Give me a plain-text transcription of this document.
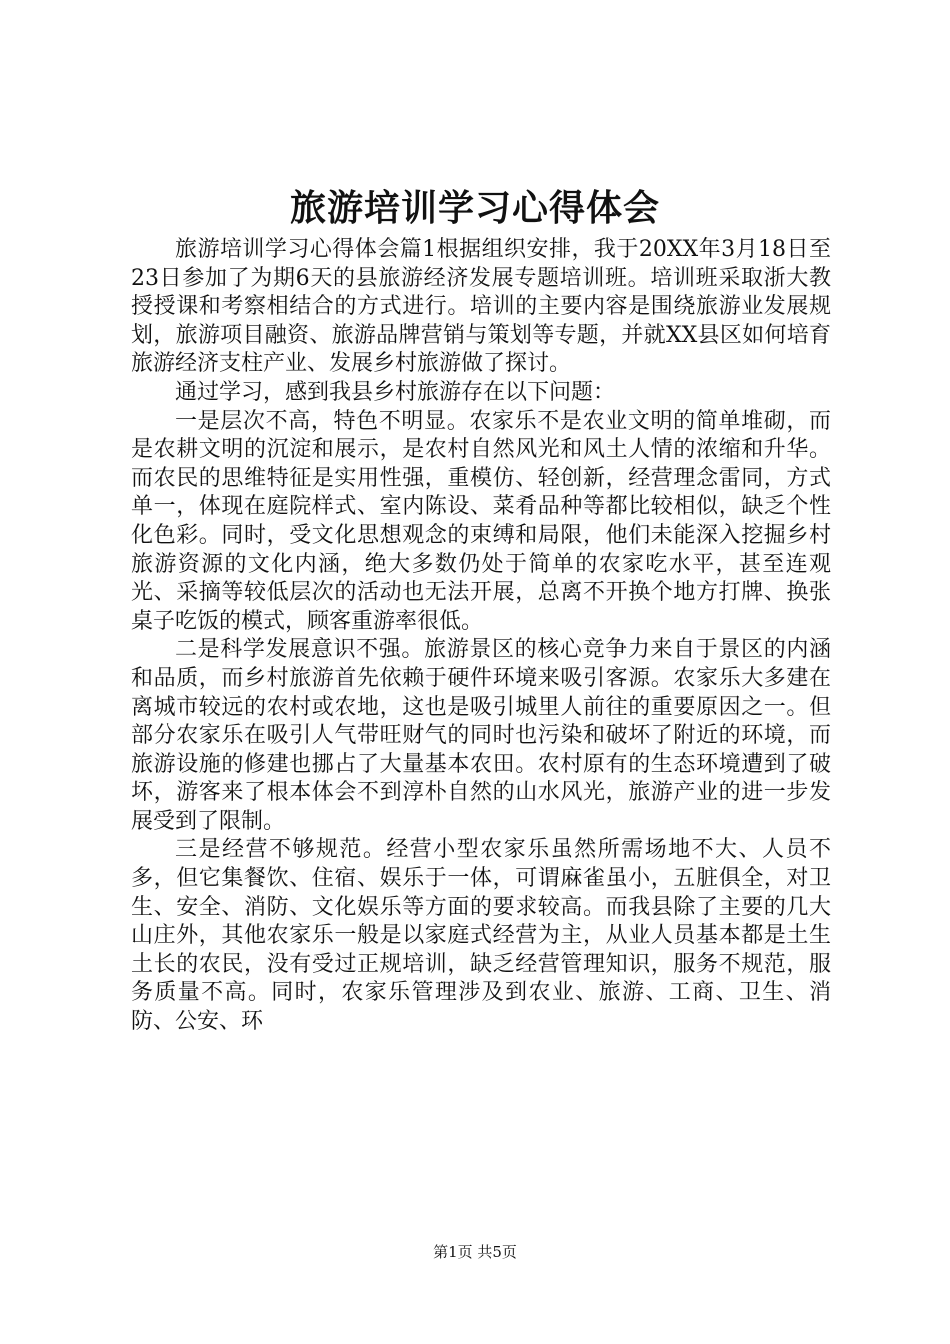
旅游培训学习心得体会

旅游培训学习心得体会篇1根据组织安排，我于20XX年3月18日至23日参加了为期6天的县旅游经济发展专题培训班。培训班采取浙大教授授课和考察相结合的方式进行。培训的主要内容是围绕旅游业发展规划，旅游项目融资、旅游品牌营销与策划等专题，并就XX县区如何培育旅游经济支柱产业、发展乡村旅游做了探讨。

通过学习，感到我县乡村旅游存在以下问题：

一是层次不高，特色不明显。农家乐不是农业文明的简单堆砌，而是农耕文明的沉淀和展示，是农村自然风光和风土人情的浓缩和升华。而农民的思维特征是实用性强，重模仿、轻创新，经营理念雷同，方式单一，体现在庭院样式、室内陈设、菜肴品种等都比较相似，缺乏个性化色彩。同时，受文化思想观念的束缚和局限，他们未能深入挖掘乡村旅游资源的文化内涵，绝大多数仍处于简单的农家吃水平，甚至连观光、采摘等较低层次的活动也无法开展，总离不开换个地方打牌、换张桌子吃饭的模式，顾客重游率很低。

二是科学发展意识不强。旅游景区的核心竞争力来自于景区的内涵和品质，而乡村旅游首先依赖于硬件环境来吸引客源。农家乐大多建在离城市较远的农村或农地，这也是吸引城里人前往的重要原因之一。但部分农家乐在吸引人气带旺财气的同时也污染和破坏了附近的环境，而旅游设施的修建也挪占了大量基本农田。农村原有的生态环境遭到了破坏，游客来了根本体会不到淳朴自然的山水风光，旅游产业的进一步发展受到了限制。

三是经营不够规范。经营小型农家乐虽然所需场地不大、人员不多，但它集餐饮、住宿、娱乐于一体，可谓麻雀虽小，五脏俱全，对卫生、安全、消防、文化娱乐等方面的要求较高。而我县除了主要的几大山庄外，其他农家乐一般是以家庭式经营为主，从业人员基本都是土生土长的农民，没有受过正规培训，缺乏经营管理知识，服务不规范，服务质量不高。同时，农家乐管理涉及到农业、旅游、工商、卫生、消防、公安、环

第1页 共5页
